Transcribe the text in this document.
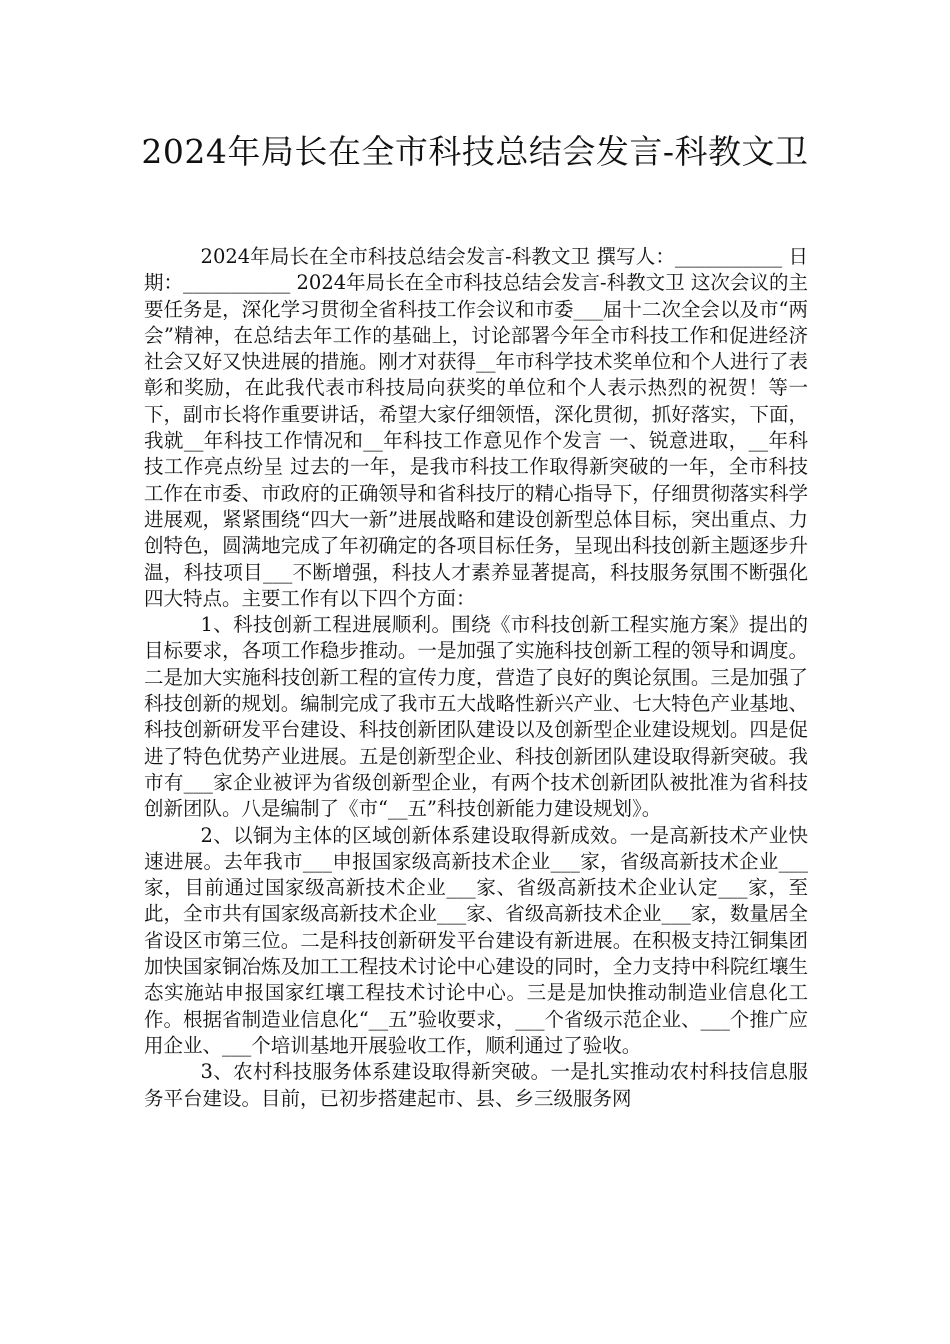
2024年局长在全市科技总结会发言-科教文卫

2024年局长在全市科技总结会发言-科教文卫 撰写人：___________ 日 期：___________ 2024年局长在全市科技总结会发言-科教文卫 这次会议的主要任务是，深化学习贯彻全省科技工作会议和市委___届十二次全会以及市“两会”精神，在总结去年工作的基础上，讨论部署今年全市科技工作和促进经济社会又好又快进展的措施。刚才对获得__年市科学技术奖单位和个人进行了表彰和奖励，在此我代表市科技局向获奖的单位和个人表示热烈的祝贺！等一下，副市长将作重要讲话，希望大家仔细领悟，深化贯彻，抓好落实，下面，我就__年科技工作情况和__年科技工作意见作个发言 一、锐意进取，__年科技工作亮点纷呈 过去的一年，是我市科技工作取得新突破的一年，全市科技工作在市委、市政府的正确领导和省科技厅的精心指导下，仔细贯彻落实科学进展观，紧紧围绕“四大一新”进展战略和建设创新型总体目标，突出重点、力创特色，圆满地完成了年初确定的各项目标任务，呈现出科技创新主题逐步升温，科技项目___不断增强，科技人才素养显著提高，科技服务氛围不断强化四大特点。主要工作有以下四个方面：

1、科技创新工程进展顺利。围绕《市科技创新工程实施方案》提出的目标要求，各项工作稳步推动。一是加强了实施科技创新工程的领导和调度。二是加大实施科技创新工程的宣传力度，营造了良好的舆论氛围。三是加强了科技创新的规划。编制完成了我市五大战略性新兴产业、七大特色产业基地、科技创新研发平台建设、科技创新团队建设以及创新型企业建设规划。四是促进了特色优势产业进展。五是创新型企业、科技创新团队建设取得新突破。我市有___家企业被评为省级创新型企业，有两个技术创新团队被批准为省科技创新团队。八是编制了《市“__五”科技创新能力建设规划》。

2、以铜为主体的区域创新体系建设取得新成效。一是高新技术产业快速进展。去年我市___申报国家级高新技术企业___家，省级高新技术企业___家，目前通过国家级高新技术企业___家、省级高新技术企业认定___家，至此，全市共有国家级高新技术企业___家、省级高新技术企业___家，数量居全省设区市第三位。二是科技创新研发平台建设有新进展。在积极支持江铜集团加快国家铜冶炼及加工工程技术讨论中心建设的同时，全力支持中科院红壤生态实施站申报国家红壤工程技术讨论中心。三是是加快推动制造业信息化工作。根据省制造业信息化“__五”验收要求，___个省级示范企业、___个推广应用企业、___个培训基地开展验收工作，顺利通过了验收。

3、农村科技服务体系建设取得新突破。一是扎实推动农村科技信息服务平台建设。目前，已初步搭建起市、县、乡三级服务网
